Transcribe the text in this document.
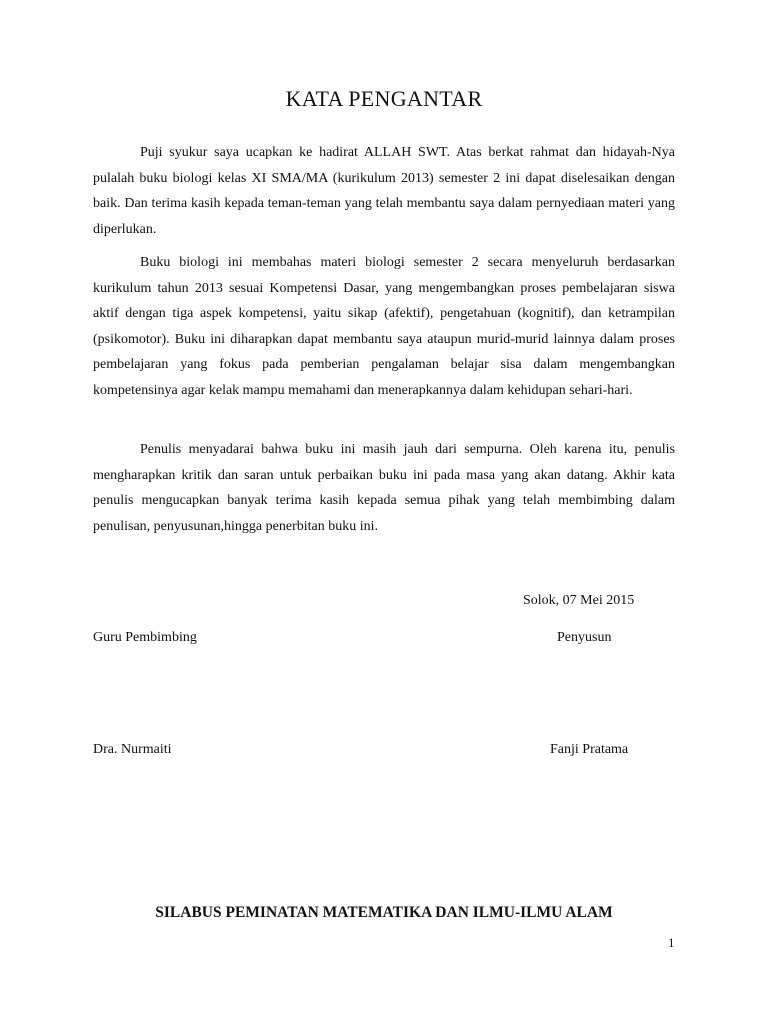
KATA PENGANTAR

Puji syukur saya ucapkan ke hadirat ALLAH SWT. Atas berkat rahmat dan hidayah-Nya pulalah buku biologi kelas XI SMA/MA (kurikulum 2013) semester 2 ini dapat diselesaikan dengan baik. Dan terima kasih kepada teman-teman yang telah membantu saya dalam pernyediaan materi yang diperlukan.

Buku biologi ini membahas materi biologi semester 2 secara menyeluruh berdasarkan kurikulum tahun 2013 sesuai Kompetensi Dasar, yang mengembangkan proses pembelajaran siswa aktif dengan tiga aspek kompetensi, yaitu sikap (afektif), pengetahuan (kognitif), dan ketrampilan (psikomotor). Buku ini diharapkan dapat membantu saya ataupun murid-murid lainnya dalam proses pembelajaran yang fokus pada pemberian pengalaman belajar sisa dalam mengembangkan kompetensinya agar kelak mampu memahami dan menerapkannya dalam kehidupan sehari-hari.

Penulis menyadarai bahwa buku ini masih jauh dari sempurna. Oleh karena itu, penulis mengharapkan kritik dan saran untuk perbaikan buku ini pada masa yang akan datang. Akhir kata penulis mengucapkan banyak terima kasih kepada semua pihak yang telah membimbing dalam penulisan, penyusunan,hingga penerbitan buku ini.

Solok, 07 Mei 2015

Guru Pembimbing	Penyusun

Dra. Nurmaiti	Fanji Pratama

SILABUS PEMINATAN MATEMATIKA DAN ILMU-ILMU ALAM

1
